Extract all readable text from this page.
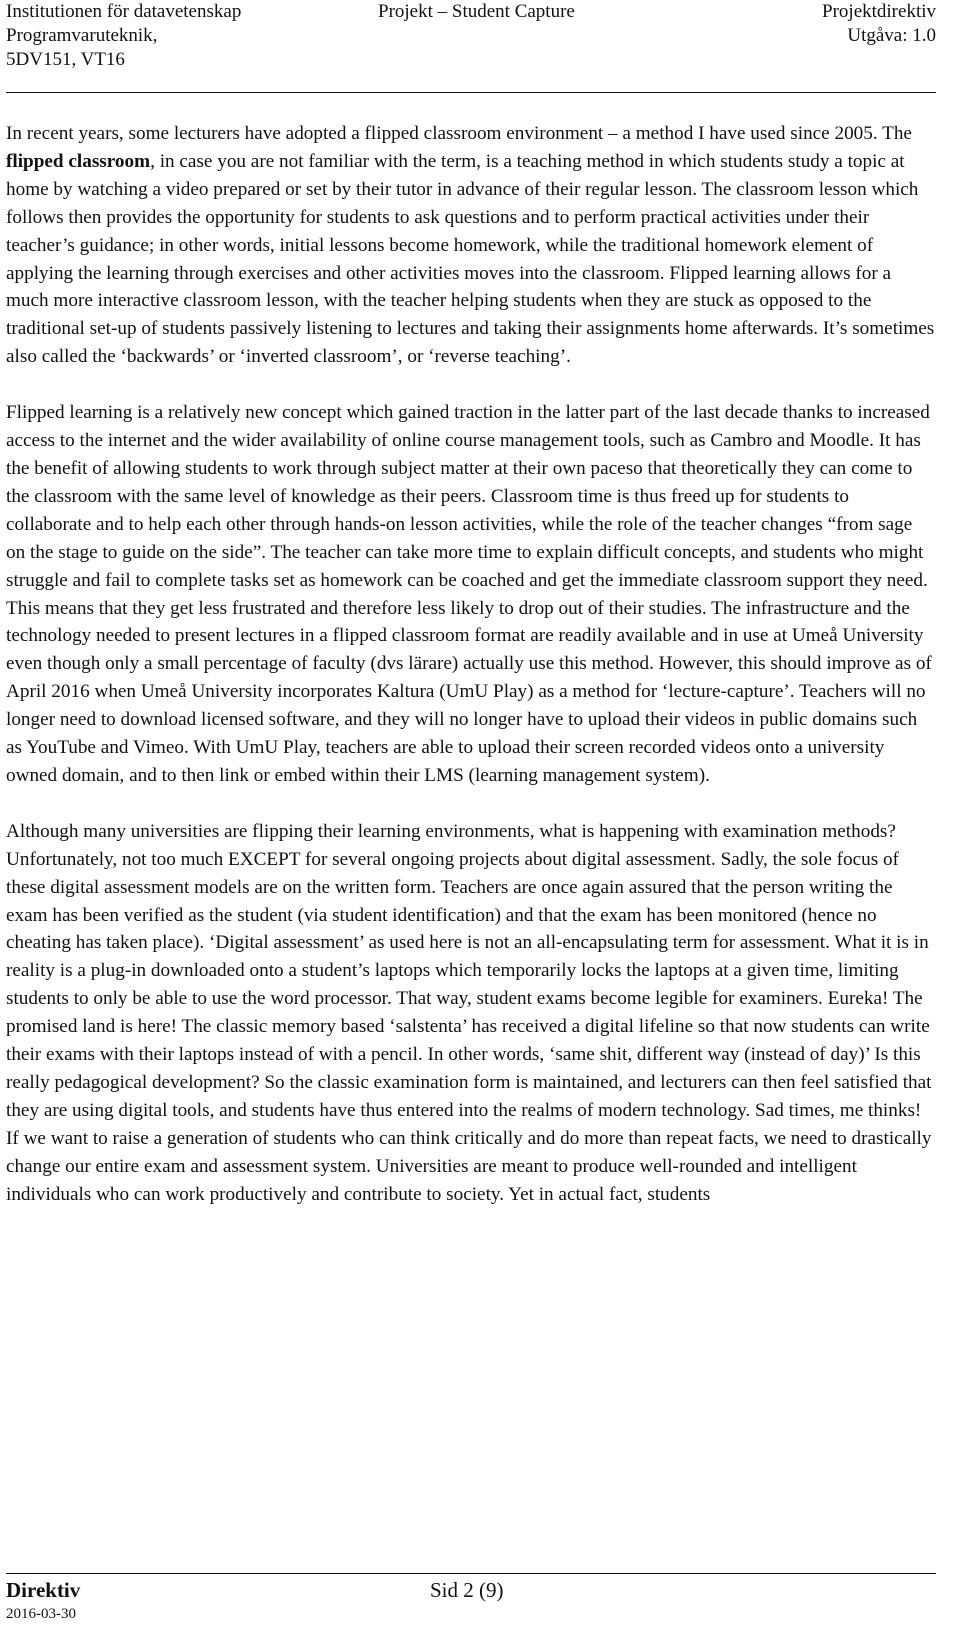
Institutionen för datavetenskap
Programvaruteknik,
5DV151, VT16
Projekt – Student Capture	Projektdirektiv
Utgåva: 1.0

In recent years, some lecturers have adopted a flipped classroom environment – a method I have used since 2005. The flipped classroom, in case you are not familiar with the term, is a teaching method in which students study a topic at home by watching a video prepared or set by their tutor in advance of their regular lesson. The classroom lesson which follows then provides the opportunity for students to ask questions and to perform practical activities under their teacher’s guidance; in other words, initial lessons become homework, while the traditional homework element of applying the learning through exercises and other activities moves into the classroom. Flipped learning allows for a much more interactive classroom lesson, with the teacher helping students when they are stuck as opposed to the traditional set-up of students passively listening to lectures and taking their assignments home afterwards. It’s sometimes also called the ‘backwards’ or ‘inverted classroom’, or ‘reverse teaching’.

Flipped learning is a relatively new concept which gained traction in the latter part of the last decade thanks to increased access to the internet and the wider availability of online course management tools, such as Cambro and Moodle. It has the benefit of allowing students to work through subject matter at their own paceso that theoretically they can come to the classroom with the same level of knowledge as their peers. Classroom time is thus freed up for students to collaborate and to help each other through hands-on lesson activities, while the role of the teacher changes “from sage on the stage to guide on the side”. The teacher can take more time to explain difficult concepts, and students who might struggle and fail to complete tasks set as homework can be coached and get the immediate classroom support they need. This means that they get less frustrated and therefore less likely to drop out of their studies. The infrastructure and the technology needed to present lectures in a flipped classroom format are readily available and in use at Umeå University even though only a small percentage of faculty (dvs lärare) actually use this method. However, this should improve as of April 2016 when Umeå University incorporates Kaltura (UmU Play) as a method for ‘lecture-capture’. Teachers will no longer need to download licensed software, and they will no longer have to upload their videos in public domains such as YouTube and Vimeo. With UmU Play, teachers are able to upload their screen recorded videos onto a university owned domain, and to then link or embed within their LMS (learning management system).

Although many universities are flipping their learning environments, what is happening with examination methods? Unfortunately, not too much EXCEPT for several ongoing projects about digital assessment. Sadly, the sole focus of these digital assessment models are on the written form. Teachers are once again assured that the person writing the exam has been verified as the student (via student identification) and that the exam has been monitored (hence no cheating has taken place). ‘Digital assessment’ as used here is not an all-encapsulating term for assessment. What it is in reality is a plug-in downloaded onto a student’s laptops which temporarily locks the laptops at a given time, limiting students to only be able to use the word processor. That way, student exams become legible for examiners. Eureka! The promised land is here! The classic memory based ‘salstenta’ has received a digital lifeline so that now students can write their exams with their laptops instead of with a pencil. In other words, ‘same shit, different way (instead of day)’ Is this really pedagogical development? So the classic examination form is maintained, and lecturers can then feel satisfied that they are using digital tools, and students have thus entered into the realms of modern technology. Sad times, me thinks! If we want to raise a generation of students who can think critically and do more than repeat facts, we need to drastically change our entire exam and assessment system. Universities are meant to produce well-rounded and intelligent individuals who can work productively and contribute to society. Yet in actual fact, students

Direktiv
2016-03-30
Sid 2 (9)
